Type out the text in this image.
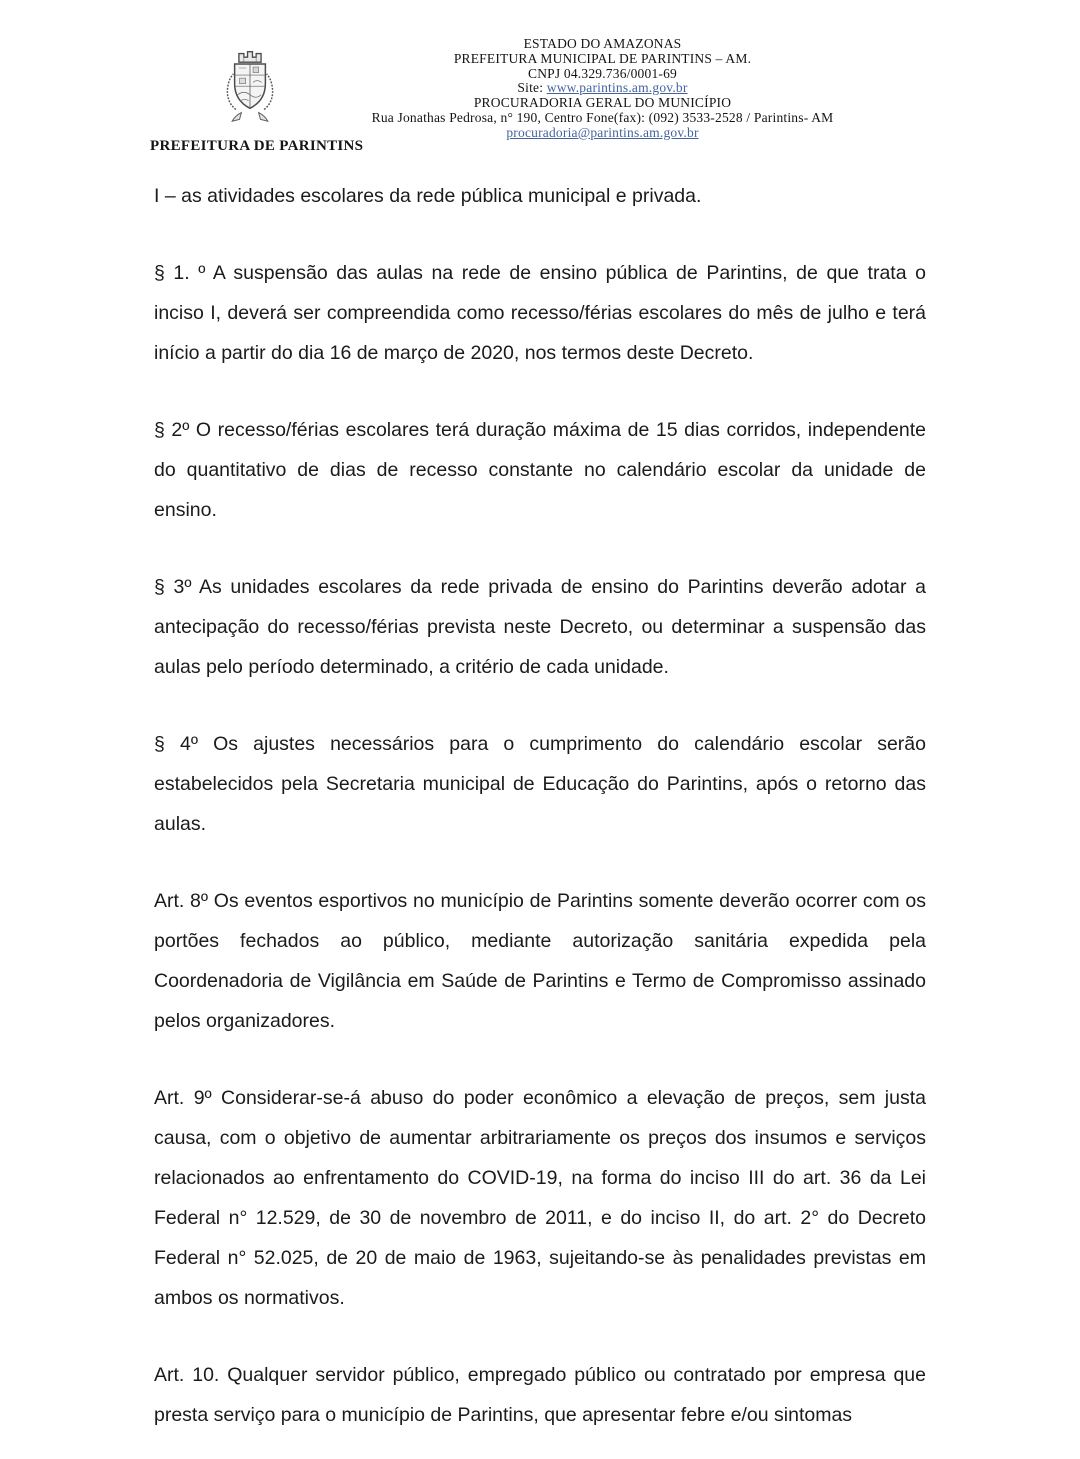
PREFEITURA DE PARINTINS
ESTADO DO AMAZONAS
PREFEITURA MUNICIPAL DE PARINTINS – AM.
CNPJ 04.329.736/0001-69
Site: www.parintins.am.gov.br
PROCURADORIA GERAL DO MUNICÍPIO
Rua Jonathas Pedrosa, n° 190, Centro Fone(fax): (092) 3533-2528 / Parintins- AM
procuradoria@parintins.am.gov.br

I – as atividades escolares da rede pública municipal e privada.

§ 1. º A suspensão das aulas na rede de ensino pública de Parintins, de que trata o inciso I, deverá ser compreendida como recesso/férias escolares do mês de julho e terá início a partir do dia 16 de março de 2020, nos termos deste Decreto.

§ 2º O recesso/férias escolares terá duração máxima de 15 dias corridos, independente do quantitativo de dias de recesso constante no calendário escolar da unidade de ensino.

§ 3º As unidades escolares da rede privada de ensino do Parintins deverão adotar a antecipação do recesso/férias prevista neste Decreto, ou determinar a suspensão das aulas pelo período determinado, a critério de cada unidade.

§ 4º Os ajustes necessários para o cumprimento do calendário escolar serão estabelecidos pela Secretaria municipal de Educação do Parintins, após o retorno das aulas.

Art. 8º Os eventos esportivos no município de Parintins somente deverão ocorrer com os portões fechados ao público, mediante autorização sanitária expedida pela Coordenadoria de Vigilância em Saúde de Parintins e Termo de Compromisso assinado pelos organizadores.

Art. 9º Considerar-se-á abuso do poder econômico a elevação de preços, sem justa causa, com o objetivo de aumentar arbitrariamente os preços dos insumos e serviços relacionados ao enfrentamento do COVID-19, na forma do inciso III do art. 36 da Lei Federal n° 12.529, de 30 de novembro de 2011, e do inciso II, do art. 2° do Decreto Federal n° 52.025, de 20 de maio de 1963, sujeitando-se às penalidades previstas em ambos os normativos.

Art. 10. Qualquer servidor público, empregado público ou contratado por empresa que presta serviço para o município de Parintins, que apresentar febre e/ou sintomas
